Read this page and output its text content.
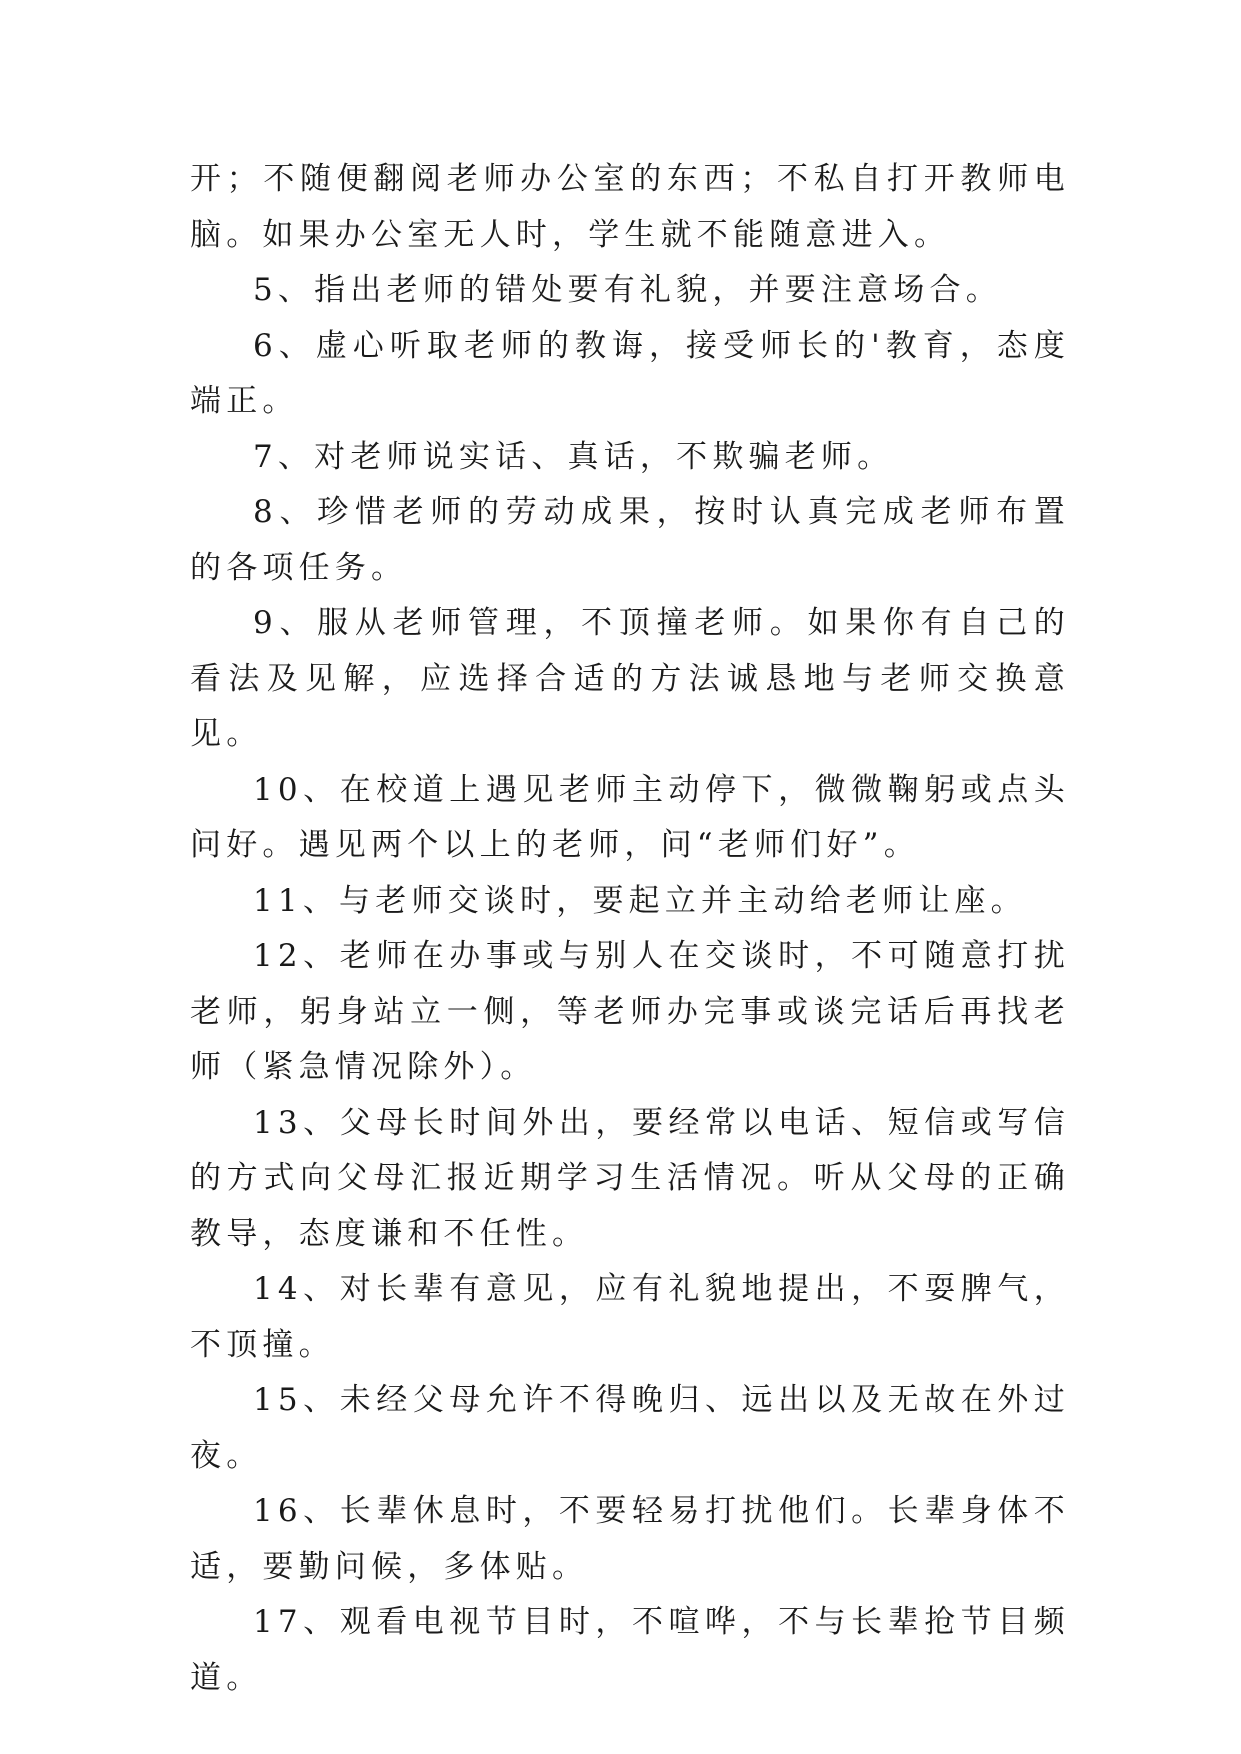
开；不随便翻阅老师办公室的东西；不私自打开教师电脑。如果办公室无人时，学生就不能随意进入。

5、指出老师的错处要有礼貌，并要注意场合。

6、虚心听取老师的教诲，接受师长的'教育，态度端正。

7、对老师说实话、真话，不欺骗老师。

8、珍惜老师的劳动成果，按时认真完成老师布置的各项任务。

9、服从老师管理，不顶撞老师。如果你有自己的看法及见解，应选择合适的方法诚恳地与老师交换意见。

10、在校道上遇见老师主动停下，微微鞠躬或点头问好。遇见两个以上的老师，问“老师们好”。

11、与老师交谈时，要起立并主动给老师让座。

12、老师在办事或与别人在交谈时，不可随意打扰老师，躬身站立一侧，等老师办完事或谈完话后再找老师（紧急情况除外）。

13、父母长时间外出，要经常以电话、短信或写信的方式向父母汇报近期学习生活情况。听从父母的正确教导，态度谦和不任性。

14、对长辈有意见，应有礼貌地提出，不耍脾气，不顶撞。

15、未经父母允许不得晚归、远出以及无故在外过夜。

16、长辈休息时，不要轻易打扰他们。长辈身体不适，要勤问候，多体贴。

17、观看电视节目时，不喧哗，不与长辈抢节目频道。
